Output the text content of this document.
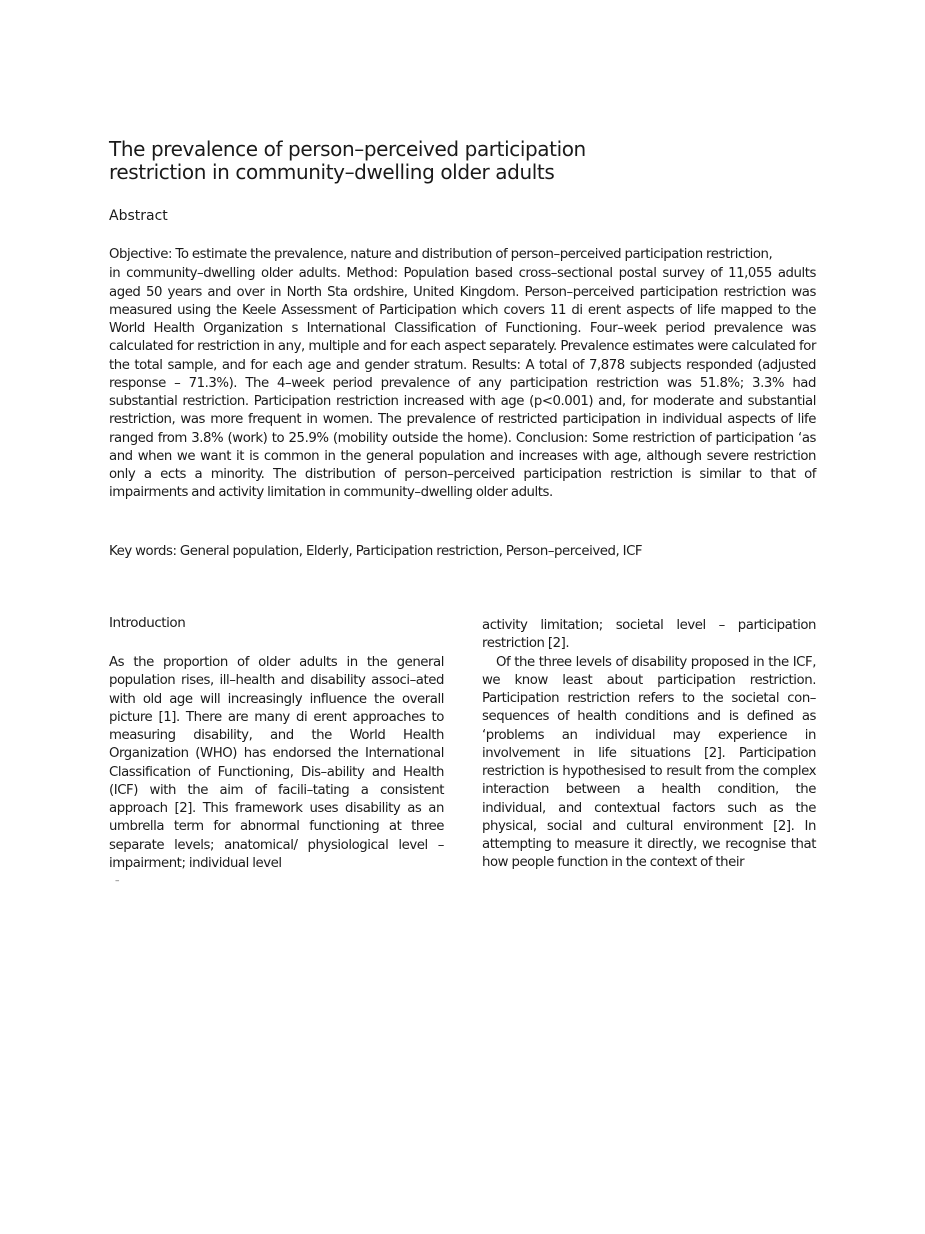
The prevalence of person–perceived participation
restriction in community–dwelling older adults
Abstract
Objective: To estimate the prevalence, nature and distribution of person–perceived participation restriction,
in community–dwelling older adults. Method: Population based cross–sectional postal survey of 11,055 adults aged 50 years and over in North Sta ordshire, United Kingdom. Person–perceived participation restriction was measured using the Keele Assessment of Participation which covers 11 di erent aspects of life mapped to the World Health Organization s International Classification of Functioning. Four–week period prevalence was calculated for restriction in any, multiple and for each aspect separately. Prevalence estimates were calculated for the total sample, and for each age and gender stratum. Results: A total of 7,878 subjects responded (adjusted response – 71.3%). The 4–week period prevalence of any participation restriction was 51.8%; 3.3% had substantial restriction. Participation restriction increased with age (p<0.001) and, for moderate and substantial restriction, was more frequent in women. The prevalence of restricted participation in individual aspects of life ranged from 3.8% (work) to 25.9% (mobility outside the home). Conclusion: Some restriction of participation ‘as and when we want it is common in the general population and increases with age, although severe restriction only a ects a minority. The distribution of person–perceived participation restriction is similar to that of impairments and activity limitation in community–dwelling older adults.

Key words: General population, Elderly, Participation restriction, Person–perceived, ICF

Introduction

As the proportion of older adults in the general population rises, ill–health and disability associ–ated with old age will increasingly influence the overall picture [1]. There are many di erent approaches to measuring disability, and the World Health Organization (WHO) has endorsed the International Classification of Functioning, Dis–ability and Health (ICF) with the aim of facili–tating a consistent approach [2]. This framework uses disability as an umbrella term for abnormal functioning at three separate levels; anatomical/ physiological level – impairment; individual level

–

activity limitation; societal level – participation restriction [2].

Of the three levels of disability proposed in the ICF, we know least about participation restriction. Participation restriction refers to the societal con–sequences of health conditions and is defined as ‘problems an individual may experience in involvement in life situations [2]. Participation restriction is hypothesised to result from the complex interaction between a health condition, the individual, and contextual factors such as the physical, social and cultural environment [2]. In attempting to measure it directly, we recognise that how people function in the context of their
